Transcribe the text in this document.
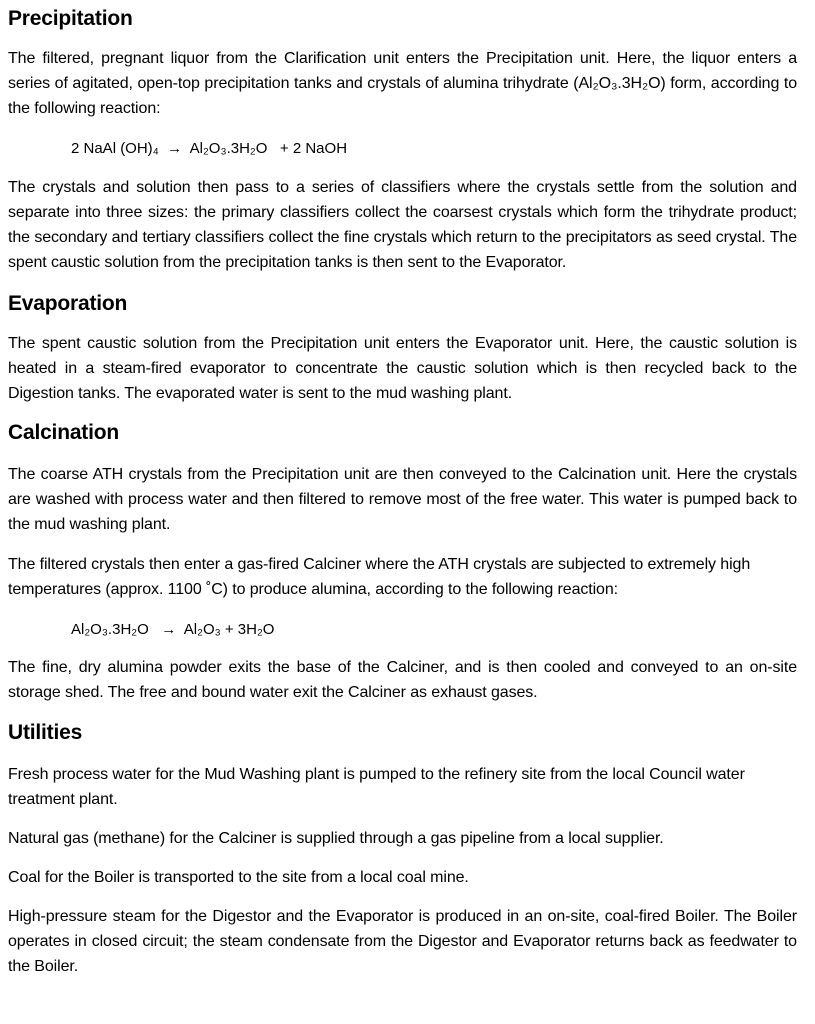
Precipitation

The filtered, pregnant liquor from the Clarification unit enters the Precipitation unit. Here, the liquor enters a series of agitated, open-top precipitation tanks and crystals of alumina trihydrate (Al₂O₃.3H₂O) form, according to the following reaction:

2 NaAl (OH)₄  →  Al₂O₃.3H₂O   + 2 NaOH

The crystals and solution then pass to a series of classifiers where the crystals settle from the solution and separate into three sizes: the primary classifiers collect the coarsest crystals which form the trihydrate product; the secondary and tertiary classifiers collect the fine crystals which return to the precipitators as seed crystal. The spent caustic solution from the precipitation tanks is then sent to the Evaporator.

Evaporation

The spent caustic solution from the Precipitation unit enters the Evaporator unit. Here, the caustic solution is heated in a steam-fired evaporator to concentrate the caustic solution which is then recycled back to the Digestion tanks. The evaporated water is sent to the mud washing plant.

Calcination

The coarse ATH crystals from the Precipitation unit are then conveyed to the Calcination unit. Here the crystals are washed with process water and then filtered to remove most of the free water. This water is pumped back to the mud washing plant.

The filtered crystals then enter a gas-fired Calciner where the ATH crystals are subjected to extremely high temperatures (approx. 1100 ˚C) to produce alumina, according to the following reaction:

Al₂O₃.3H₂O   →  Al₂O₃ + 3H₂O

The fine, dry alumina powder exits the base of the Calciner, and is then cooled and conveyed to an on-site storage shed. The free and bound water exit the Calciner as exhaust gases.

Utilities

Fresh process water for the Mud Washing plant is pumped to the refinery site from the local Council water treatment plant.

Natural gas (methane) for the Calciner is supplied through a gas pipeline from a local supplier.

Coal for the Boiler is transported to the site from a local coal mine.

High-pressure steam for the Digestor and the Evaporator is produced in an on-site, coal-fired Boiler. The Boiler operates in closed circuit; the steam condensate from the Digestor and Evaporator returns back as feedwater to the Boiler.
